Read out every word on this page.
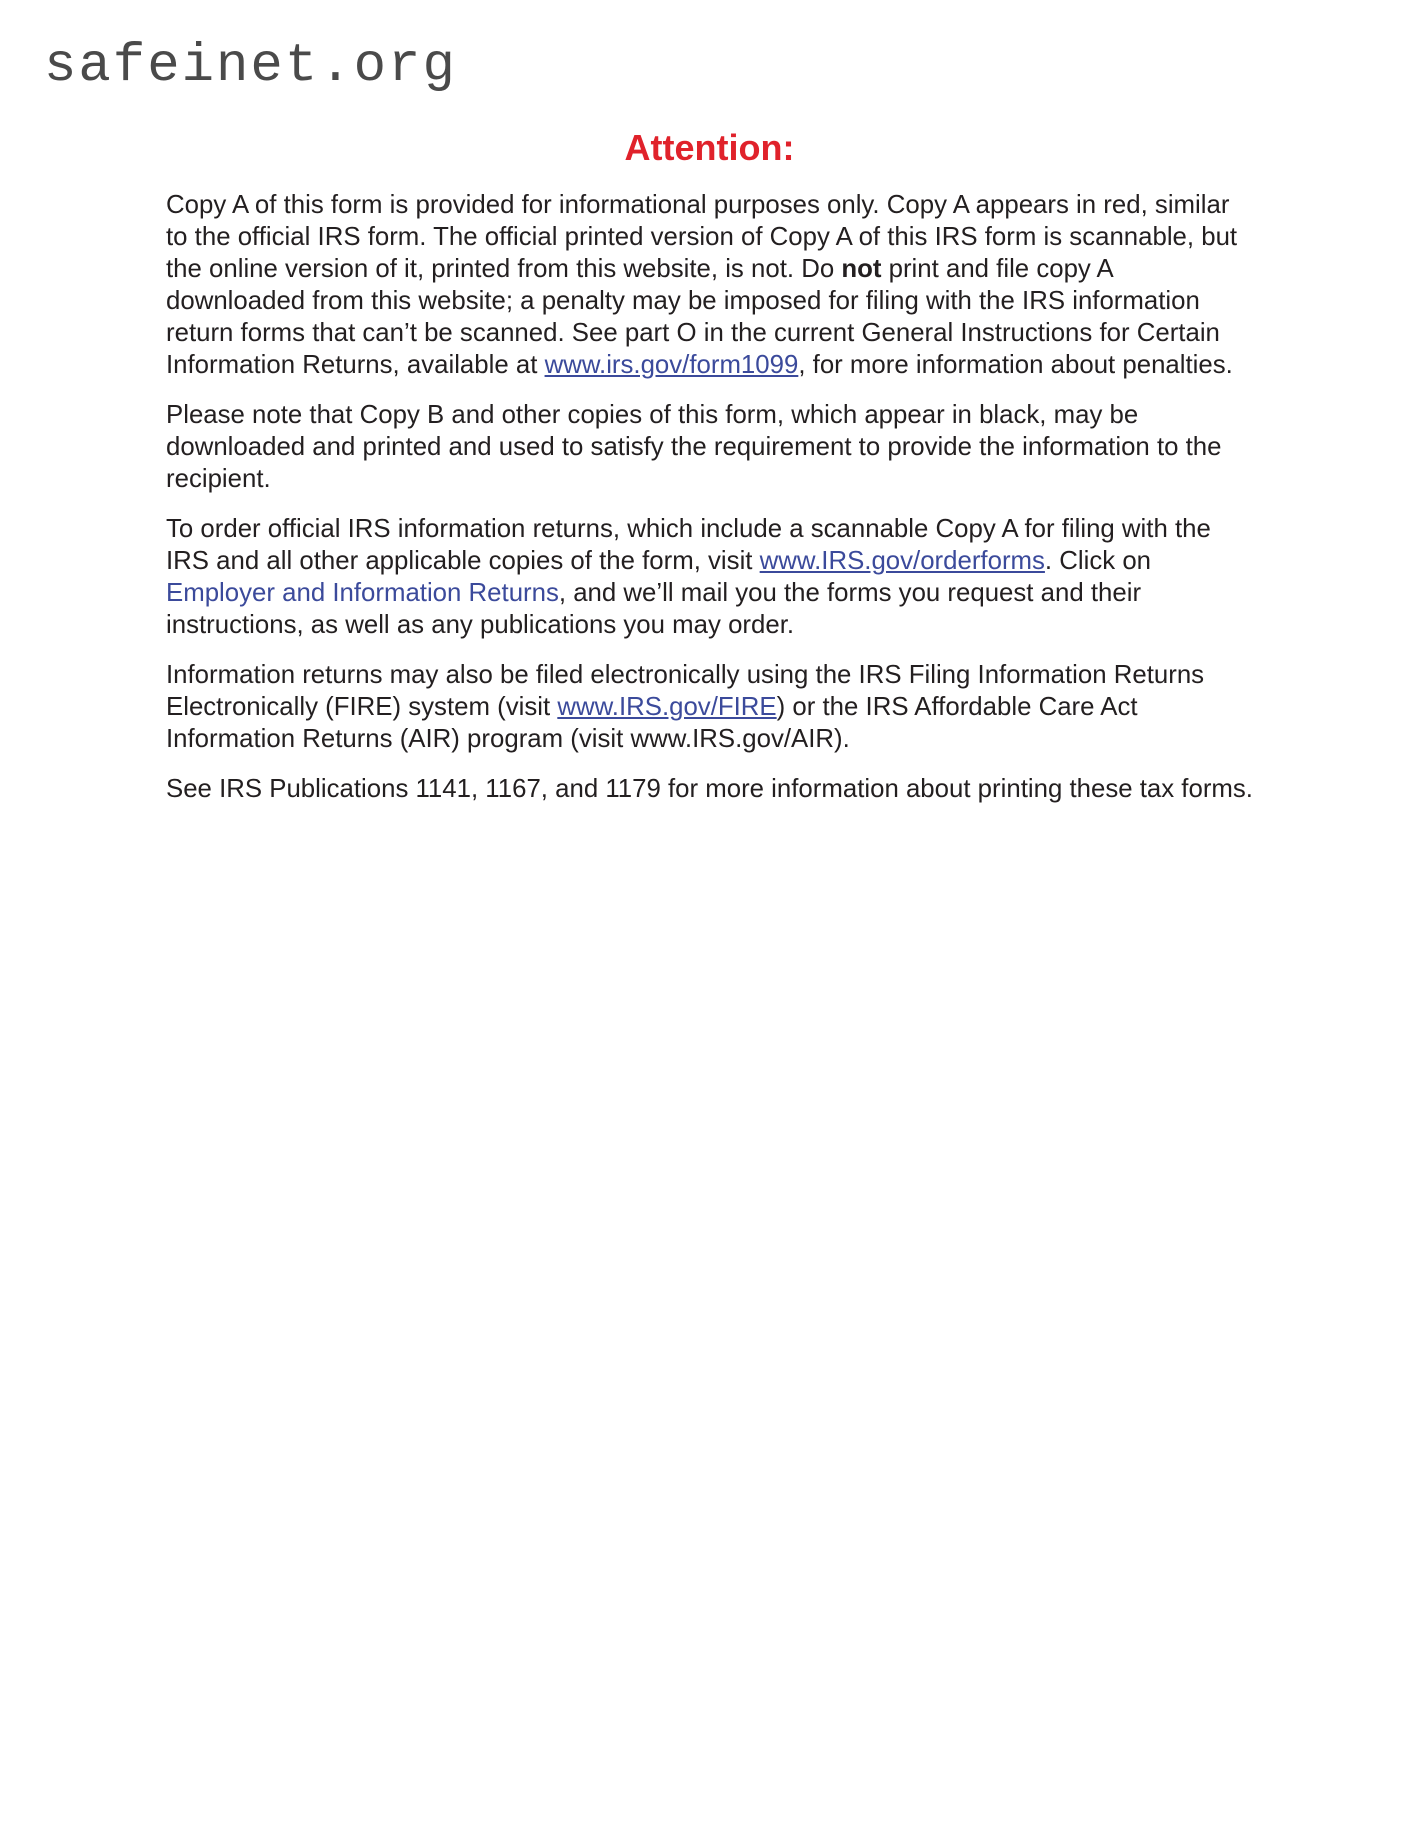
safeinet.org
Attention:

Copy A of this form is provided for informational purposes only. Copy A appears in red, similar to the official IRS form. The official printed version of Copy A of this IRS form is scannable, but the online version of it, printed from this website, is not. Do not print and file copy A downloaded from this website; a penalty may be imposed for filing with the IRS information return forms that can’t be scanned. See part O in the current General Instructions for Certain Information Returns, available at www.irs.gov/form1099, for more information about penalties.

Please note that Copy B and other copies of this form, which appear in black, may be downloaded and printed and used to satisfy the requirement to provide the information to the recipient.

To order official IRS information returns, which include a scannable Copy A for filing with the IRS and all other applicable copies of the form, visit www.IRS.gov/orderforms. Click on Employer and Information Returns, and we’ll mail you the forms you request and their instructions, as well as any publications you may order.

Information returns may also be filed electronically using the IRS Filing Information Returns Electronically (FIRE) system (visit www.IRS.gov/FIRE) or the IRS Affordable Care Act Information Returns (AIR) program (visit www.IRS.gov/AIR).

See IRS Publications 1141, 1167, and 1179 for more information about printing these tax forms.
